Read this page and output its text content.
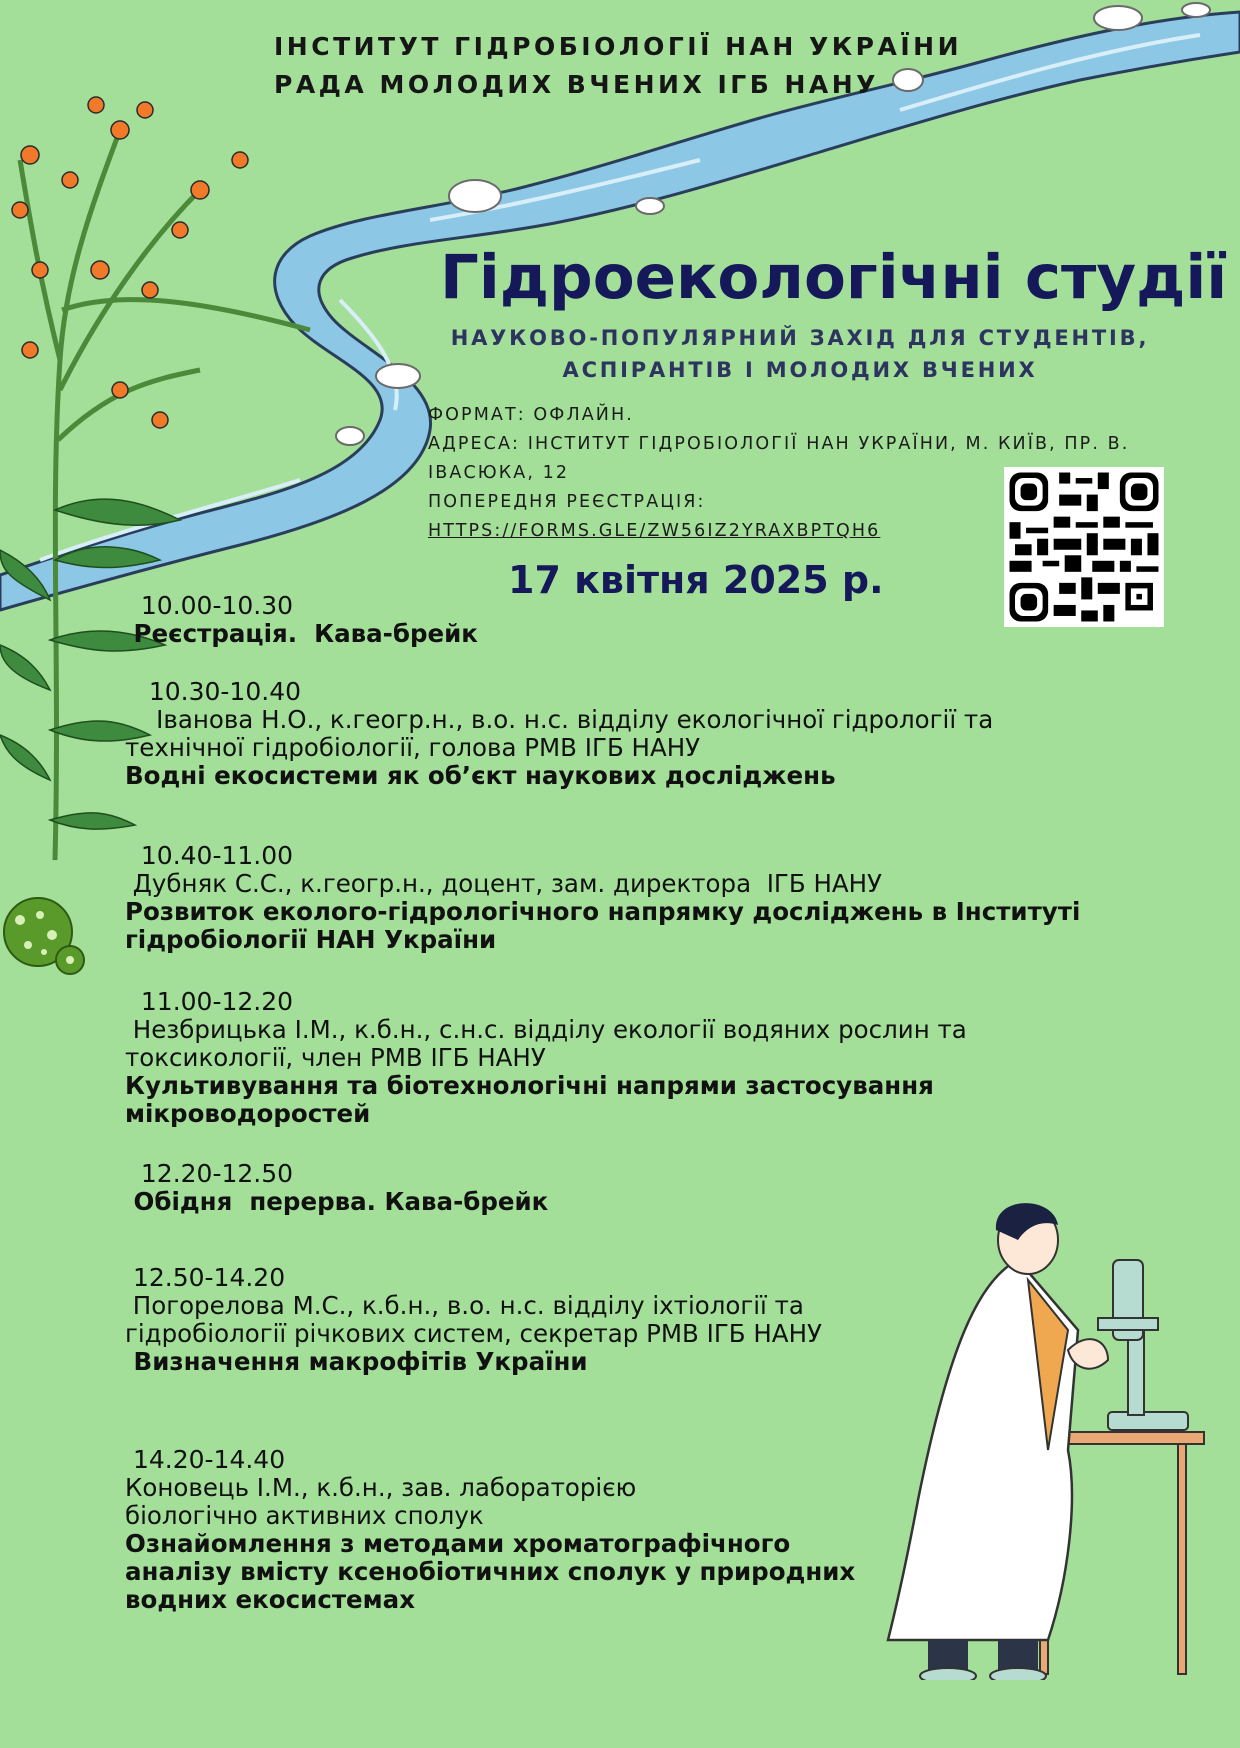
ІНСТИТУТ ГІДРОБІОЛОГІЇ НАН УКРАЇНИ
РАДА МОЛОДИХ ВЧЕНИХ ІГБ НАНУ
Гідроекологічні студії
НАУКОВО-ПОПУЛЯРНИЙ ЗАХІД ДЛЯ СТУДЕНТІВ,
АСПІРАНТІВ І МОЛОДИХ ВЧЕНИХ
ФОРМАТ: ОФЛАЙН.
АДРЕСА: ІНСТИТУТ ГІДРОБІОЛОГІЇ НАН УКРАЇНИ, М. КИЇВ, ПР. В.
ІВАСЮКА, 12
ПОПЕРЕДНЯ РЕЄСТРАЦІЯ:
HTTPS://FORMS.GLE/ZW56IZ2YRAXBPTQH6
17 квітня 2025 р.
10.00-10.30
Реєстрація.  Кава-брейк
10.30-10.40
Іванова Н.О., к.геогр.н., в.о. н.с. відділу екологічної гідрології та
технічної гідробіології, голова РМВ ІГБ НАНУ
Водні екосистеми як об’єкт наукових досліджень
10.40-11.00
Дубняк С.С., к.геогр.н., доцент, зам. директора  ІГБ НАНУ
Розвиток еколого-гідрологічного напрямку досліджень в Інституті
гідробіології НАН України
11.00-12.20
Незбрицька І.М., к.б.н., с.н.с. відділу екології водяних рослин та
токсикології, член РМВ ІГБ НАНУ
Культивування та біотехнологічні напрями застосування
мікроводоростей
12.20-12.50
Обідня  перерва. Кава-брейк
12.50-14.20
Погорелова М.С., к.б.н., в.о. н.с. відділу іхтіології та
гідробіології річкових систем, секретар РМВ ІГБ НАНУ
Визначення макрофітів України
14.20-14.40
Коновець І.М., к.б.н., зав. лабораторією
біологічно активних сполук
Ознайомлення з методами хроматографічного
аналізу вмісту ксенобіотичних сполук у природних
водних екосистемах
